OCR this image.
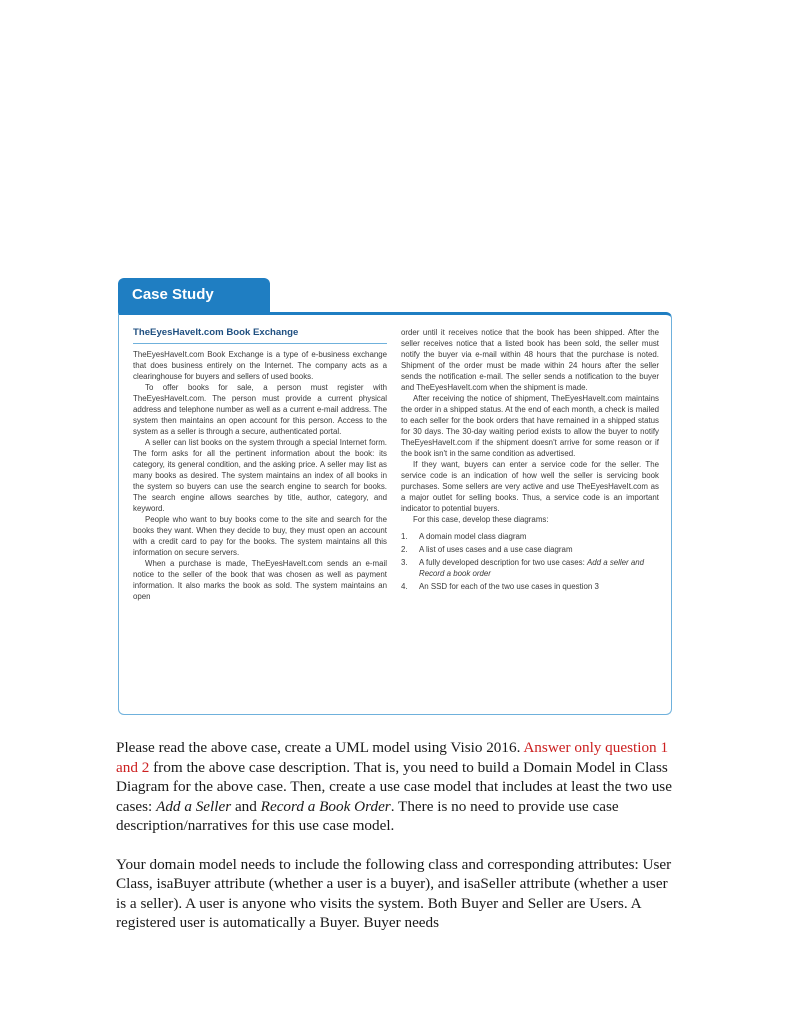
Case Study
TheEyesHaveIt.com Book Exchange

TheEyesHaveIt.com Book Exchange is a type of e-business exchange that does business entirely on the Internet. The company acts as a clearinghouse for buyers and sellers of used books.

To offer books for sale, a person must register with TheEyesHaveIt.com. The person must provide a current physical address and telephone number as well as a current e-mail address. The system then maintains an open account for this person. Access to the system as a seller is through a secure, authenticated portal.

A seller can list books on the system through a special Internet form. The form asks for all the pertinent information about the book: its category, its general condition, and the asking price. A seller may list as many books as desired. The system maintains an index of all books in the system so buyers can use the search engine to search for books. The search engine allows searches by title, author, category, and keyword.

People who want to buy books come to the site and search for the books they want. When they decide to buy, they must open an account with a credit card to pay for the books. The system maintains all this information on secure servers.

When a purchase is made, TheEyesHaveIt.com sends an e-mail notice to the seller of the book that was chosen as well as payment information. It also marks the book as sold. The system maintains an open

order until it receives notice that the book has been shipped. After the seller receives notice that a listed book has been sold, the seller must notify the buyer via e-mail within 48 hours that the purchase is noted. Shipment of the order must be made within 24 hours after the seller sends the notification e-mail. The seller sends a notification to the buyer and TheEyesHaveIt.com when the shipment is made.

After receiving the notice of shipment, TheEyesHaveIt.com maintains the order in a shipped status. At the end of each month, a check is mailed to each seller for the book orders that have remained in a shipped status for 30 days. The 30-day waiting period exists to allow the buyer to notify TheEyesHaveIt.com if the shipment doesn't arrive for some reason or if the book isn't in the same condition as advertised.

If they want, buyers can enter a service code for the seller. The service code is an indication of how well the seller is servicing book purchases. Some sellers are very active and use TheEyesHaveIt.com as a major outlet for selling books. Thus, a service code is an important indicator to potential buyers.

For this case, develop these diagrams:

1. A domain model class diagram
2. A list of uses cases and a use case diagram
3. A fully developed description for two use cases: Add a seller and Record a book order
4. An SSD for each of the two use cases in question 3

Please read the above case, create a UML model using Visio 2016. Answer only question 1 and 2 from the above case description. That is, you need to build a Domain Model in Class Diagram for the above case. Then, create a use case model that includes at least the two use cases: Add a Seller and Record a Book Order. There is no need to provide use case description/narratives for this use case model.

Your domain model needs to include the following class and corresponding attributes: User Class, isaBuyer attribute (whether a user is a buyer), and isaSeller attribute (whether a user is a seller). A user is anyone who visits the system. Both Buyer and Seller are Users. A registered user is automatically a Buyer. Buyer needs
